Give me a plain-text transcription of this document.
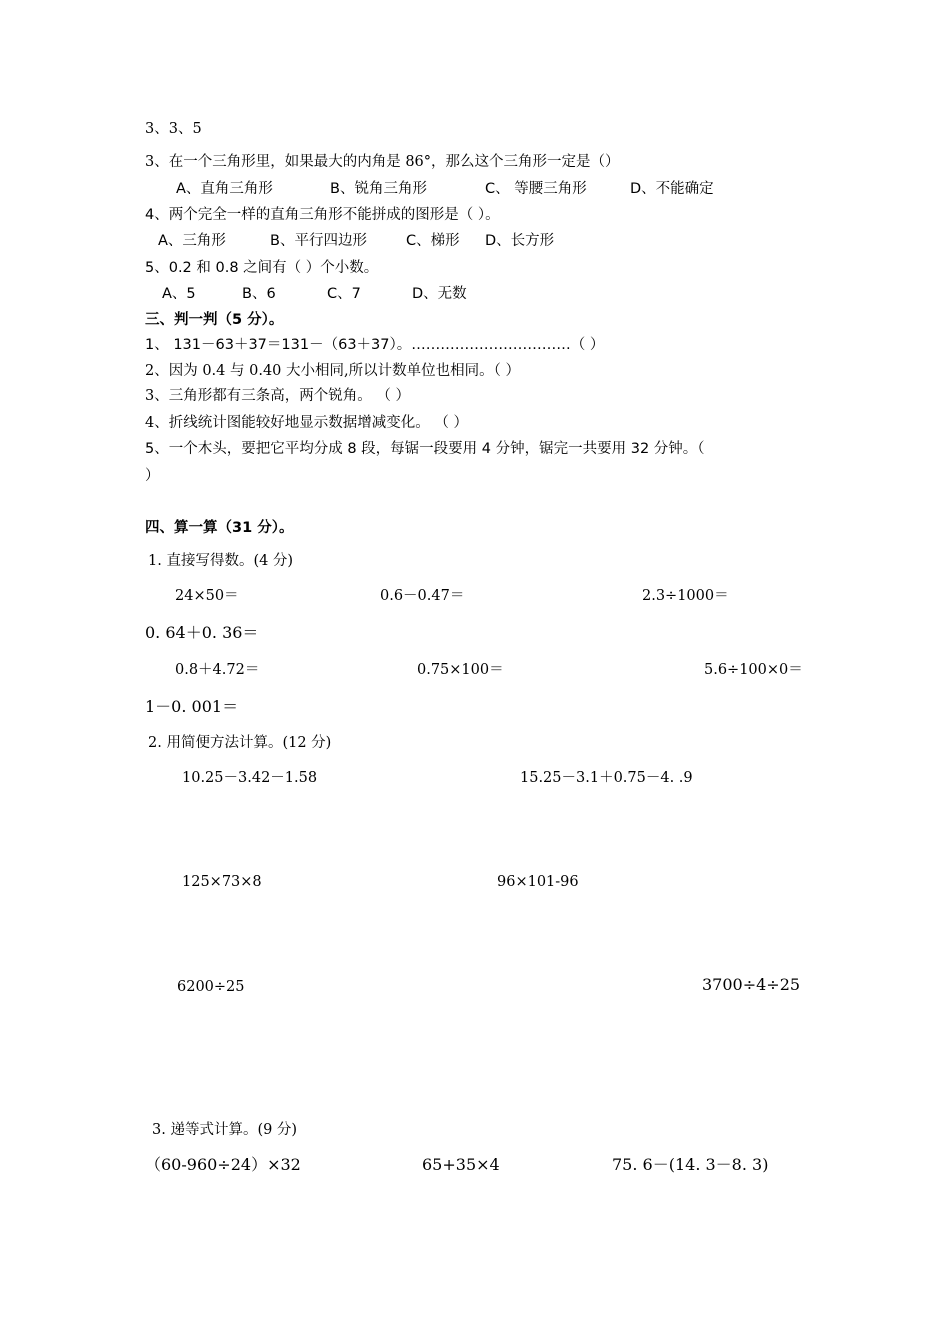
3、3、5
3、在一个三角形里，如果最大的内角是 86°，那么这个三角形一定是（）
A、直角三角形	B、锐角三角形	C、 等腰三角形	D、不能确定
4、两个完全一样的直角三角形不能拼成的图形是（ ）。
A、三角形	B、平行四边形	C、梯形 D、长方形
5、0.2 和 0.8 之间有（ ）个小数。
A、5	B、6	C、7	D、无数
三、判一判（5 分）。
1、 131－63＋37＝131－（63＋37）。……………………………（ ）
2、因为 0.4 与 0.40 大小相同,所以计数单位也相同。（ ）
3、三角形都有三条高，两个锐角。 （ ）
4、折线统计图能较好地显示数据增减变化。 （ ）
5、一个木头，要把它平均分成 8 段，每锯一段要用 4 分钟，锯完一共要用 32 分钟。（
）
四、算一算（31 分）。
1. 直接写得数。(4 分)
24×50＝	0.6－0.47＝	2.3÷1000＝
0. 64＋0. 36＝
0.8＋4.72＝	0.75×100＝	5.6÷100×0＝
1－0. 001＝
2. 用简便方法计算。(12 分)
10.25－3.42－1.58	15.25－3.1＋0.75－4. .9
125×73×8	96×101-96
6200÷25	3700÷4÷25
3. 递等式计算。(9 分)
（60-960÷24）×32	65+35×4	75. 6－(14. 3－8. 3)
